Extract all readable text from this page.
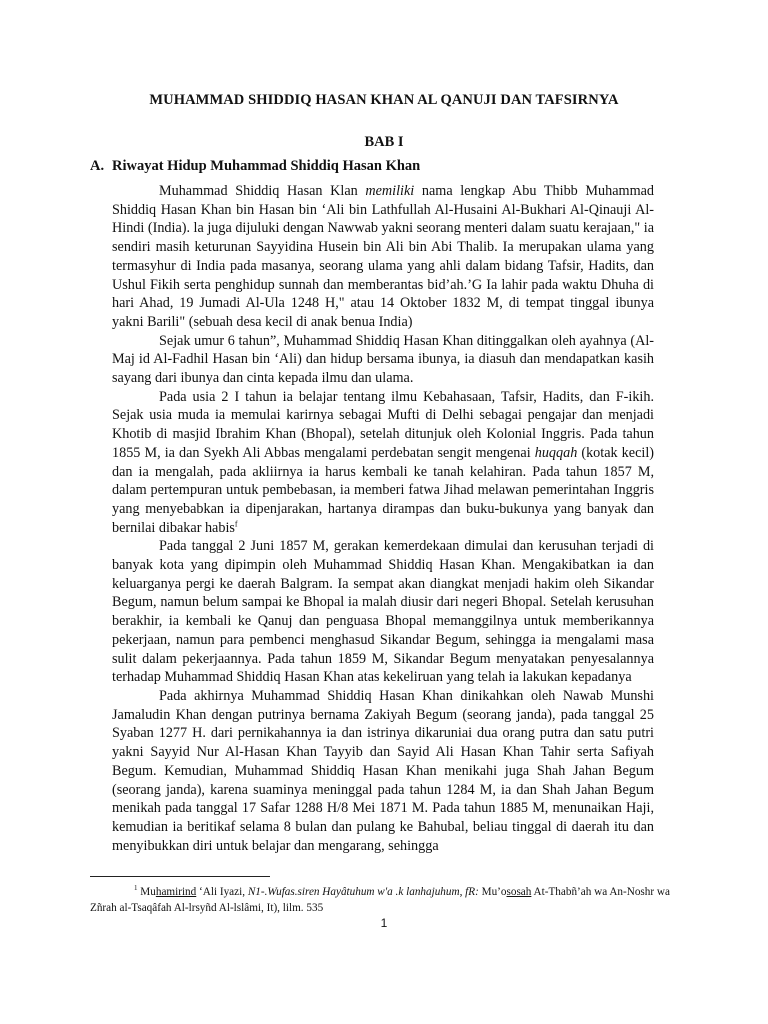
MUHAMMAD SHIDDIQ HASAN KHAN AL QANUJI DAN TAFSIRNYA
BAB I
A. Riwayat Hidup Muhammad Shiddiq Hasan Khan

Muhammad Shiddiq Hasan Klan memiliki nama lengkap Abu Thibb Muhammad Shiddiq Hasan Khan bin Hasan bin ‘Ali bin Lathfullah Al-Husaini Al-Bukhari Al-Qinauji Al- Hindi (India). la juga dijuluki dengan Nawwab yakni seorang menteri dalam suatu kerajaan," ia sendiri masih keturunan Sayyidina Husein bin Ali bin Abi Thalib. Ia merupakan ulama yang termasyhur di India pada masanya, seorang ulama yang ahli dalam bidang Tafsir, Hadits, dan Ushul Fikih serta penghidup sunnah dan memberantas bid’ah.’G Ia lahir pada waktu Dhuha di hari Ahad, 19 Jumadi Al-Ula 1248 H," atau 14 Oktober 1832 M, di tempat tinggal ibunya yakni Barili" (sebuah desa kecil di anak benua India)

Sejak umur 6 tahun”, Muhammad Shiddiq Hasan Khan ditinggalkan oleh ayahnya (Al-Maj id Al-Fadhil Hasan bin ‘Ali) dan hidup bersama ibunya, ia diasuh dan mendapatkan kasih sayang dari ibunya dan cinta kepada ilmu dan ulama.

Pada usia 2 I tahun ia belajar tentang ilmu Kebahasaan, Tafsir, Hadits, dan F-ikih. Sejak usia muda ia memulai karirnya sebagai Mufti di Delhi sebagai pengajar dan menjadi Khotib di masjid Ibrahim Khan (Bhopal), setelah ditunjuk oleh Kolonial Inggris. Pada tahun 1855 M, ia dan Syekh Ali Abbas mengalami perdebatan sengit mengenai huqqah (kotak kecil) dan ia mengalah, pada akliirnya ia harus kembali ke tanah kelahiran. Pada tahun 1857 M, dalam pertempuran untuk pembebasan, ia memberi fatwa Jihad melawan pemerintahan Inggris yang menyebabkan ia dipenjarakan, hartanya dirampas dan buku-bukunya yang banyak dan bernilai dibakar habis$^f$

Pada tanggal 2 Juni 1857 M, gerakan kemerdekaan dimulai dan kerusuhan terjadi di banyak kota yang dipimpin oleh Muhammad Shiddiq Hasan Khan. Mengakibatkan ia dan keluarganya pergi ke daerah Balgram. Ia sempat akan diangkat menjadi hakim oleh Sikandar Begum, namun belum sampai ke Bhopal ia malah diusir dari negeri Bhopal. Setelah kerusuhan berakhir, ia kembali ke Qanuj dan penguasa Bhopal memanggilnya untuk memberikannya pekerjaan, namun para pembenci menghasud Sikandar Begum, sehingga ia mengalami masa sulit dalam pekerjaannya. Pada tahun 1859 M, Sikandar Begum menyatakan penyesalannya terhadap Muhammad Shiddiq Hasan Khan atas kekeliruan yang telah ia lakukan kepadanya

Pada akhirnya Muhammad Shiddiq Hasan Khan dinikahkan oleh Nawab Munshi Jamaludin Khan dengan putrinya bernama Zakiyah Begum (seorang janda), pada tanggal 25 Syaban 1277 H. dari pernikahannya ia dan istrinya dikaruniai dua orang putra dan satu putri yakni Sayyid Nur Al-Hasan Khan Tayyib dan Sayid Ali Hasan Khan Tahir serta Safiyah Begum. Kemudian, Muhammad Shiddiq Hasan Khan menikahi juga Shah Jahan Begum (seorang janda), karena suaminya meninggal pada tahun 1284 M, ia dan Shah Jahan Begum menikah pada tanggal 17 Safar 1288 H/8 Mei 1871 M. Pada tahun 1885 M, menunaikan Haji, kemudian ia beritikaf selama 8 bulan dan pulang ke Bahubal, beliau tinggal di daerah itu dan menyibukkan diri untuk belajar dan mengarang, sehingga

$^1$ Muhamirind ‘Ali Iyazi, N1-.Wufas.siren Hayâtuhum w'a .k lanhajuhum, fR: Mu’ososah At-Thabñ’ah wa An-Noshr wa Zñrah al-Tsaqâfah Al-lrsyñd Al-lslâmi, It), lilm. 535
1
